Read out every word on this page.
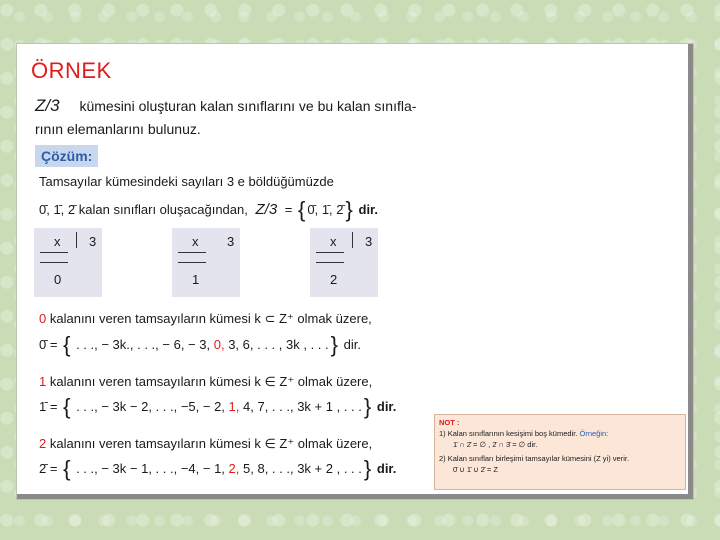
ÖRNEK
Z/3 kümesini oluşturan kalan sınıflarını ve bu kalan sınıfla-
rının elemanlarını bulunuz.
Çözüm:
Tamsayılar kümesindeki sayıları 3 e böldüğümüzde
0̄, 1̄, 2̄ kalan sınıfları oluşacağından, Z/3 = { 0̄, 1̄, 2̄} dir.
x 3
0
x 3
1
x 3
2
0 kalanını veren tamsayıların kümesi k ⊂ Z⁺ olmak üzere,
0̄ = { . . ., − 3k., . . ., − 6, − 3, 0, 3, 6, . . . , 3k , . . .} dir.
1 kalanını veren tamsayıların kümesi k ∈ Z⁺ olmak üzere,
1̄ = { . . ., − 3k − 2, . . ., −5, − 2, 1, 4, 7, . . ., 3k + 1 , . . .} dir.
2 kalanını veren tamsayıların kümesi k ∈ Z⁺ olmak üzere,
2̄ = { . . ., − 3k − 1, . . ., −4, − 1, 2, 5, 8, . . ., 3k + 2 , . . .} dir.
NOT :
1) Kalan sınıflarının kesişimi boş kümedir. Örneğin:
1̄ ∩ 2̄ = ∅ , 2̄ ∩ 3̄ = ∅ dir.
2) Kalan sınıfları birleşimi tamsayılar kümesini (Z yi) verir.
0̄ ∪ 1̄ ∪ 2̄ = Z
